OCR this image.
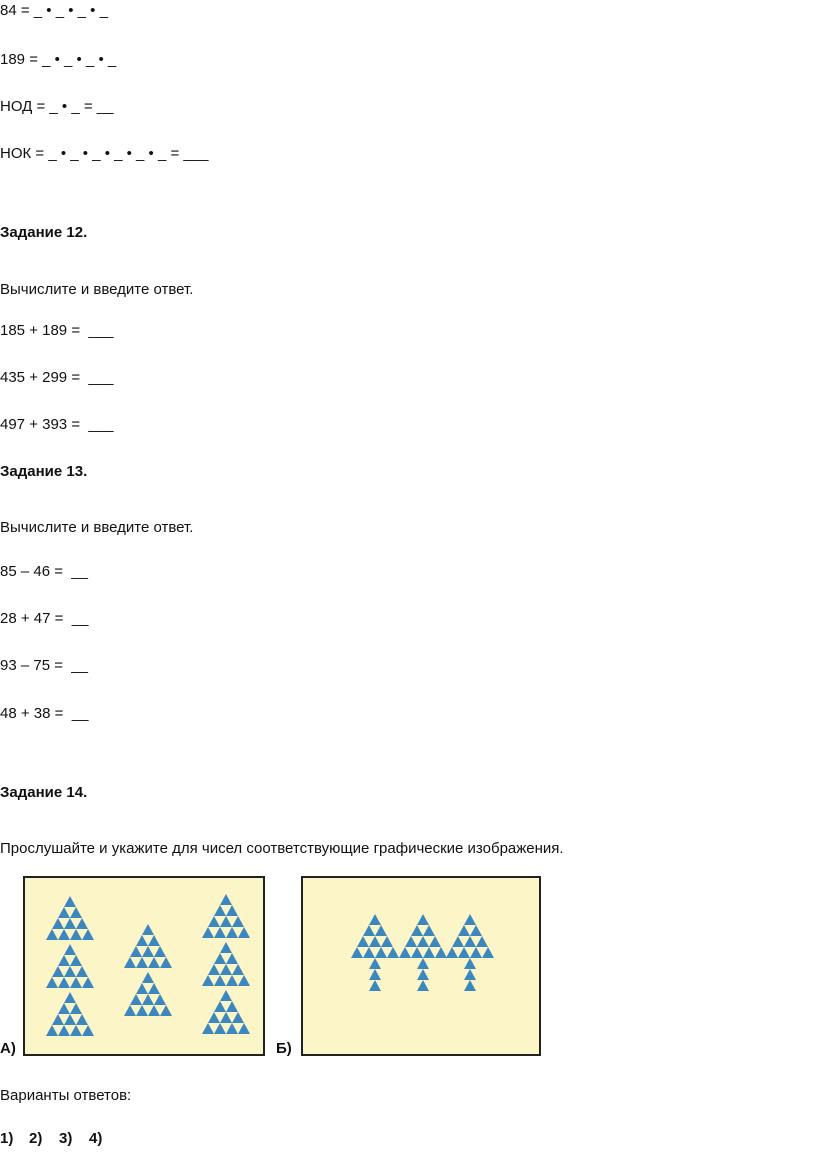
84 = _ • _ • _ • _
189 = _ • _ • _ • _
НОД = _ • _ = __
НОК = _ • _ • _ • _ • _ • _ = ___
Задание 12.
Вычислите и введите ответ.
185 + 189 =  ___
435 + 299 =  ___
497 + 393 =  ___
Задание 13.
Вычислите и введите ответ.
85 – 46 =  __
28 + 47 =  __
93 – 75 =  __
48 + 38 =  __
Задание 14.
Прослушайте и укажите для чисел соответствующие графические изображения.
А)	Б)
Варианты ответов:
1) 2) 3) 4)
